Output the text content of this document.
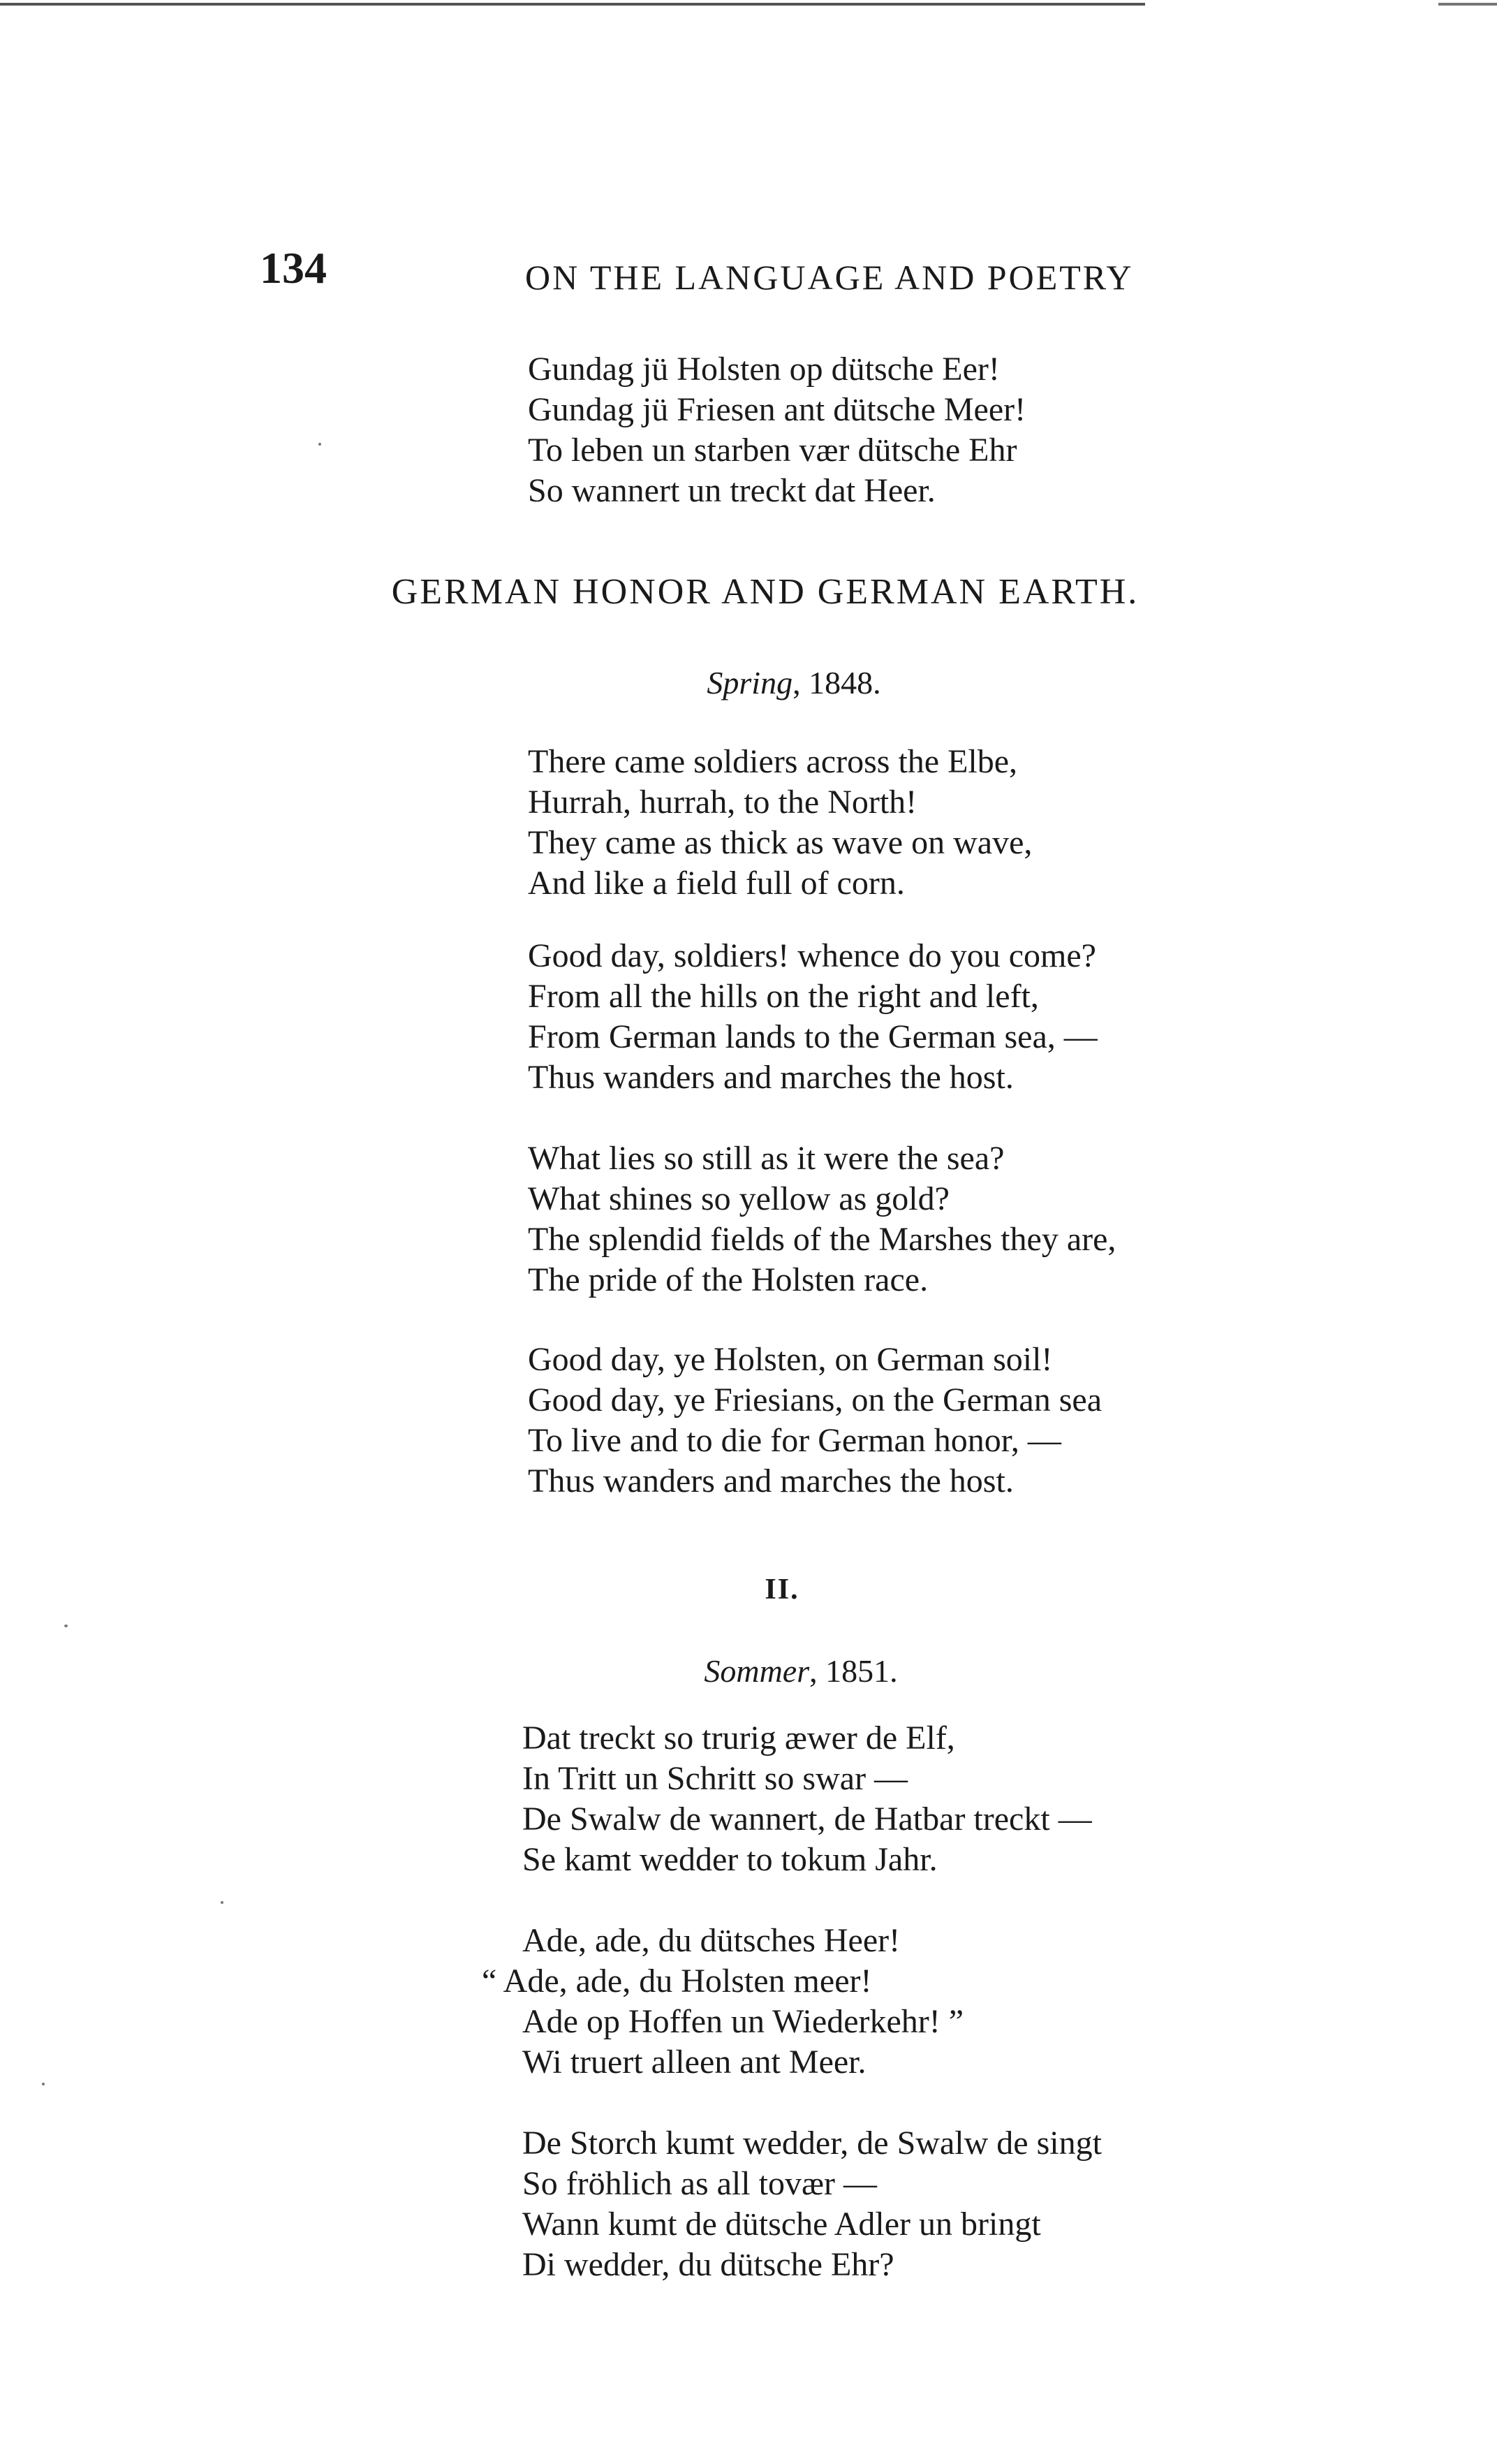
134	ON THE LANGUAGE AND POETRY
Gundag jü Holsten op dütsche Eer!
Gundag jü Friesen ant dütsche Meer!
To leben un starben vær dütsche Ehr
So wannert un treckt dat Heer.
GERMAN HONOR AND GERMAN EARTH.
Spring, 1848.
There came soldiers across the Elbe,
Hurrah, hurrah, to the North!
They came as thick as wave on wave,
And like a field full of corn.
Good day, soldiers! whence do you come?
From all the hills on the right and left,
From German lands to the German sea, —
Thus wanders and marches the host.
What lies so still as it were the sea?
What shines so yellow as gold?
The splendid fields of the Marshes they are,
The pride of the Holsten race.
Good day, ye Holsten, on German soil!
Good day, ye Friesians, on the German sea
To live and to die for German honor, —
Thus wanders and marches the host.
II.
Sommer, 1851.
Dat treckt so trurig æwer de Elf,
In Tritt un Schritt so swar —
De Swalw de wannert, de Hatbar treckt —
Se kamt wedder to tokum Jahr.
Ade, ade, du dütsches Heer!
“ Ade, ade, du Holsten meer!
Ade op Hoffen un Wiederkehr! ”
Wi truert alleen ant Meer.
De Storch kumt wedder, de Swalw de singt
So fröhlich as all tovær —
Wann kumt de dütsche Adler un bringt
Di wedder, du dütsche Ehr?
